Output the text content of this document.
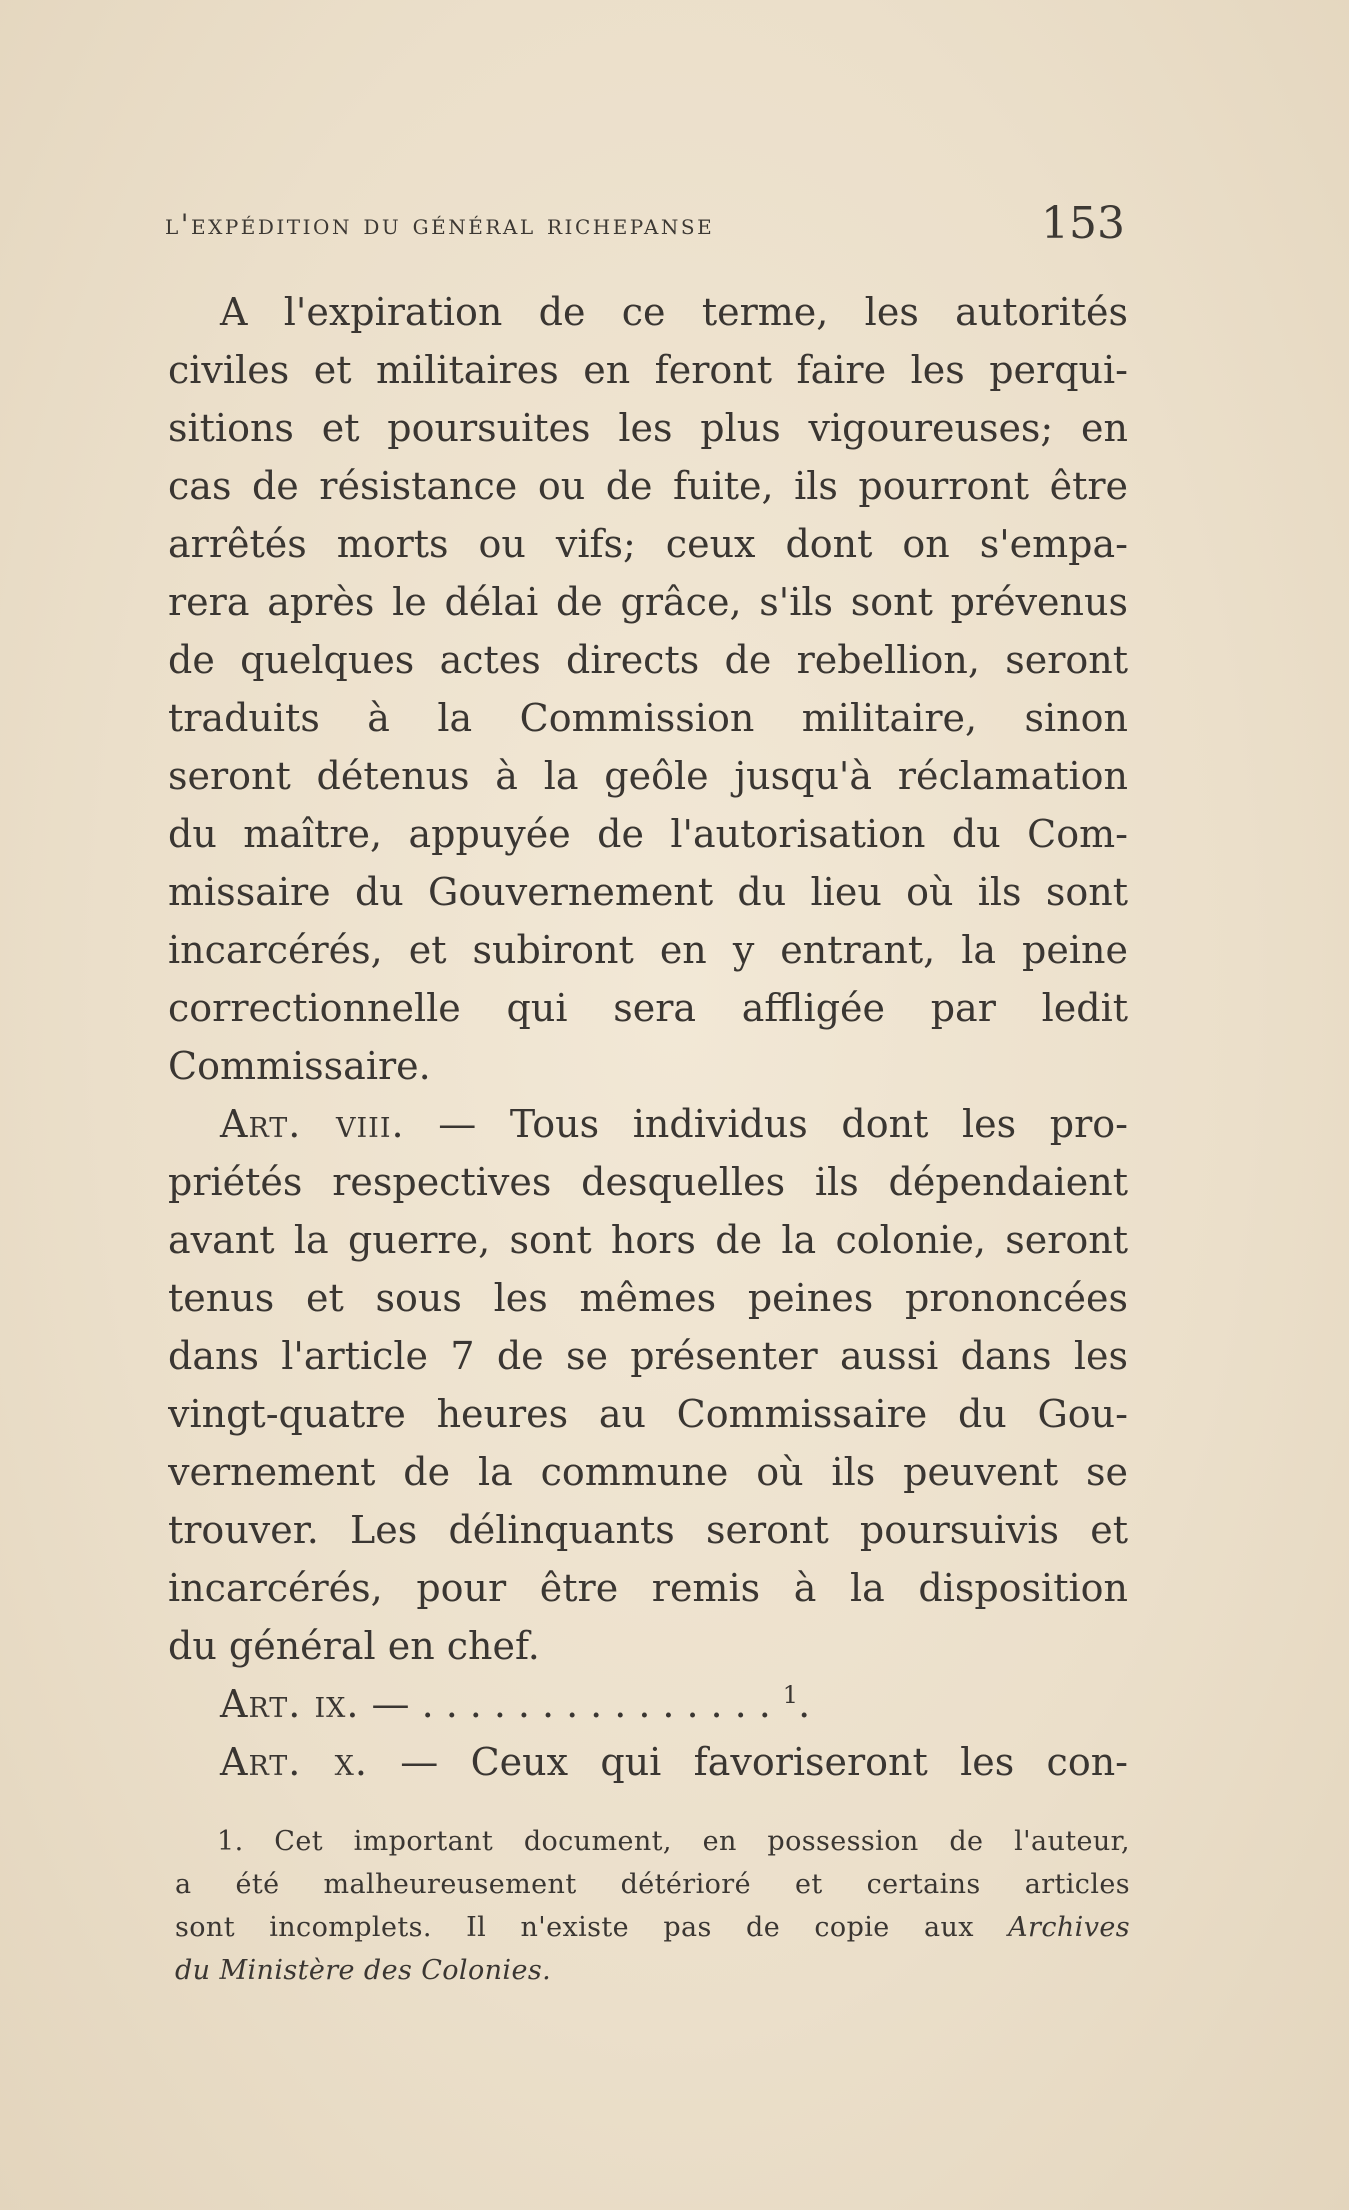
l'expédition du général richepanse	153
A l'expiration de ce terme, les autorités
civiles et militaires en feront faire les perqui-
sitions et poursuites les plus vigoureuses; en
cas de résistance ou de fuite, ils pourront être
arrêtés morts ou vifs; ceux dont on s'empa-
rera après le délai de grâce, s'ils sont prévenus
de quelques actes directs de rebellion, seront
traduits à la Commission militaire, sinon
seront détenus à la geôle jusqu'à réclamation
du maître, appuyée de l'autorisation du Com-
missaire du Gouvernement du lieu où ils sont
incarcérés, et subiront en y entrant, la peine
correctionnelle qui sera affligée par ledit
Commissaire.
Art. viii. — Tous individus dont les pro-
priétés respectives desquelles ils dépendaient
avant la guerre, sont hors de la colonie, seront
tenus et sous les mêmes peines prononcées
dans l'article 7 de se présenter aussi dans les
vingt-quatre heures au Commissaire du Gou-
vernement de la commune où ils peuvent se
trouver. Les délinquants seront poursuivis et
incarcérés, pour être remis à la disposition
du général en chef.
Art. ix. — ...............$^1$.
Art. x. — Ceux qui favoriseront les con-
1. Cet important document, en possession de l'auteur,
a été malheureusement détérioré et certains articles
sont incomplets. Il n'existe pas de copie aux Archives
du Ministère des Colonies.
